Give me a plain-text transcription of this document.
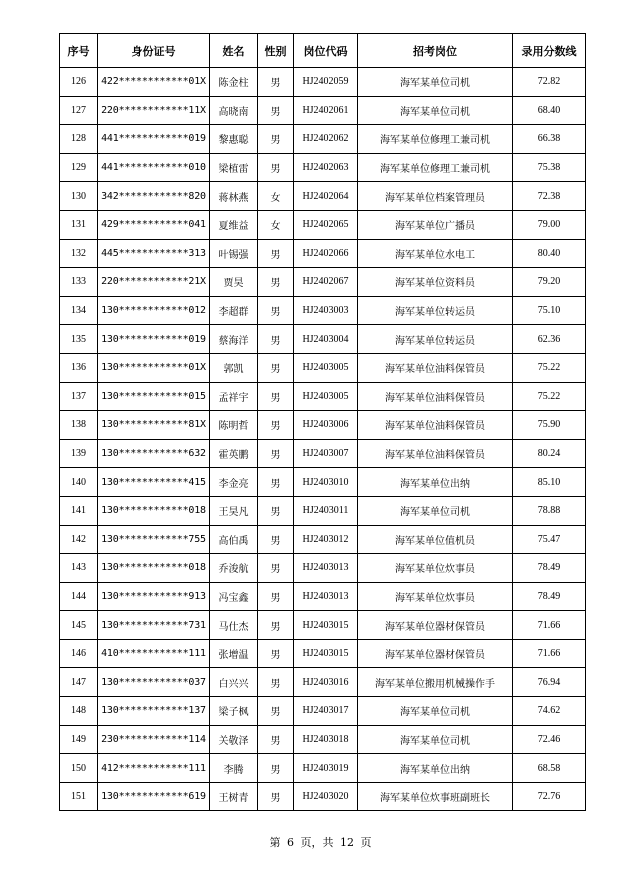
序号	身份证号	姓名	性别	岗位代码	招考岗位	录用分数线
126	422************01X	陈金柱	男	HJ2402059	海军某单位司机	72.82
127	220************11X	高晓南	男	HJ2402061	海军某单位司机	68.40
128	441************019	黎惠聪	男	HJ2402062	海军某单位修理工兼司机	66.38
129	441************010	梁植雷	男	HJ2402063	海军某单位修理工兼司机	75.38
130	342************820	蒋林燕	女	HJ2402064	海军某单位档案管理员	72.38
131	429************041	夏维益	女	HJ2402065	海军某单位广播员	79.00
132	445************313	叶锡强	男	HJ2402066	海军某单位水电工	80.40
133	220************21X	贾昊	男	HJ2402067	海军某单位资料员	79.20
134	130************012	李超群	男	HJ2403003	海军某单位转运员	75.10
135	130************019	蔡海洋	男	HJ2403004	海军某单位转运员	62.36
136	130************01X	郭凯	男	HJ2403005	海军某单位油料保管员	75.22
137	130************015	孟祥宇	男	HJ2403005	海军某单位油料保管员	75.22
138	130************81X	陈明哲	男	HJ2403006	海军某单位油料保管员	75.90
139	130************632	霍英鹏	男	HJ2403007	海军某单位油料保管员	80.24
140	130************415	李金亮	男	HJ2403010	海军某单位出纳	85.10
141	130************018	王昊凡	男	HJ2403011	海军某单位司机	78.88
142	130************755	高伯禹	男	HJ2403012	海军某单位值机员	75.47
143	130************018	乔浚航	男	HJ2403013	海军某单位炊事员	78.49
144	130************913	冯宝鑫	男	HJ2403013	海军某单位炊事员	78.49
145	130************731	马仕杰	男	HJ2403015	海军某单位器材保管员	71.66
146	410************111	张增温	男	HJ2403015	海军某单位器材保管员	71.66
147	130************037	白兴兴	男	HJ2403016	海军某单位搬用机械操作手	76.94
148	130************137	梁子枫	男	HJ2403017	海军某单位司机	74.62
149	230************114	关敬泽	男	HJ2403018	海军某单位司机	72.46
150	412************111	李腾	男	HJ2403019	海军某单位出纳	68.58
151	130************619	王树青	男	HJ2403020	海军某单位炊事班副班长	72.76
第 6 页，共 12 页
